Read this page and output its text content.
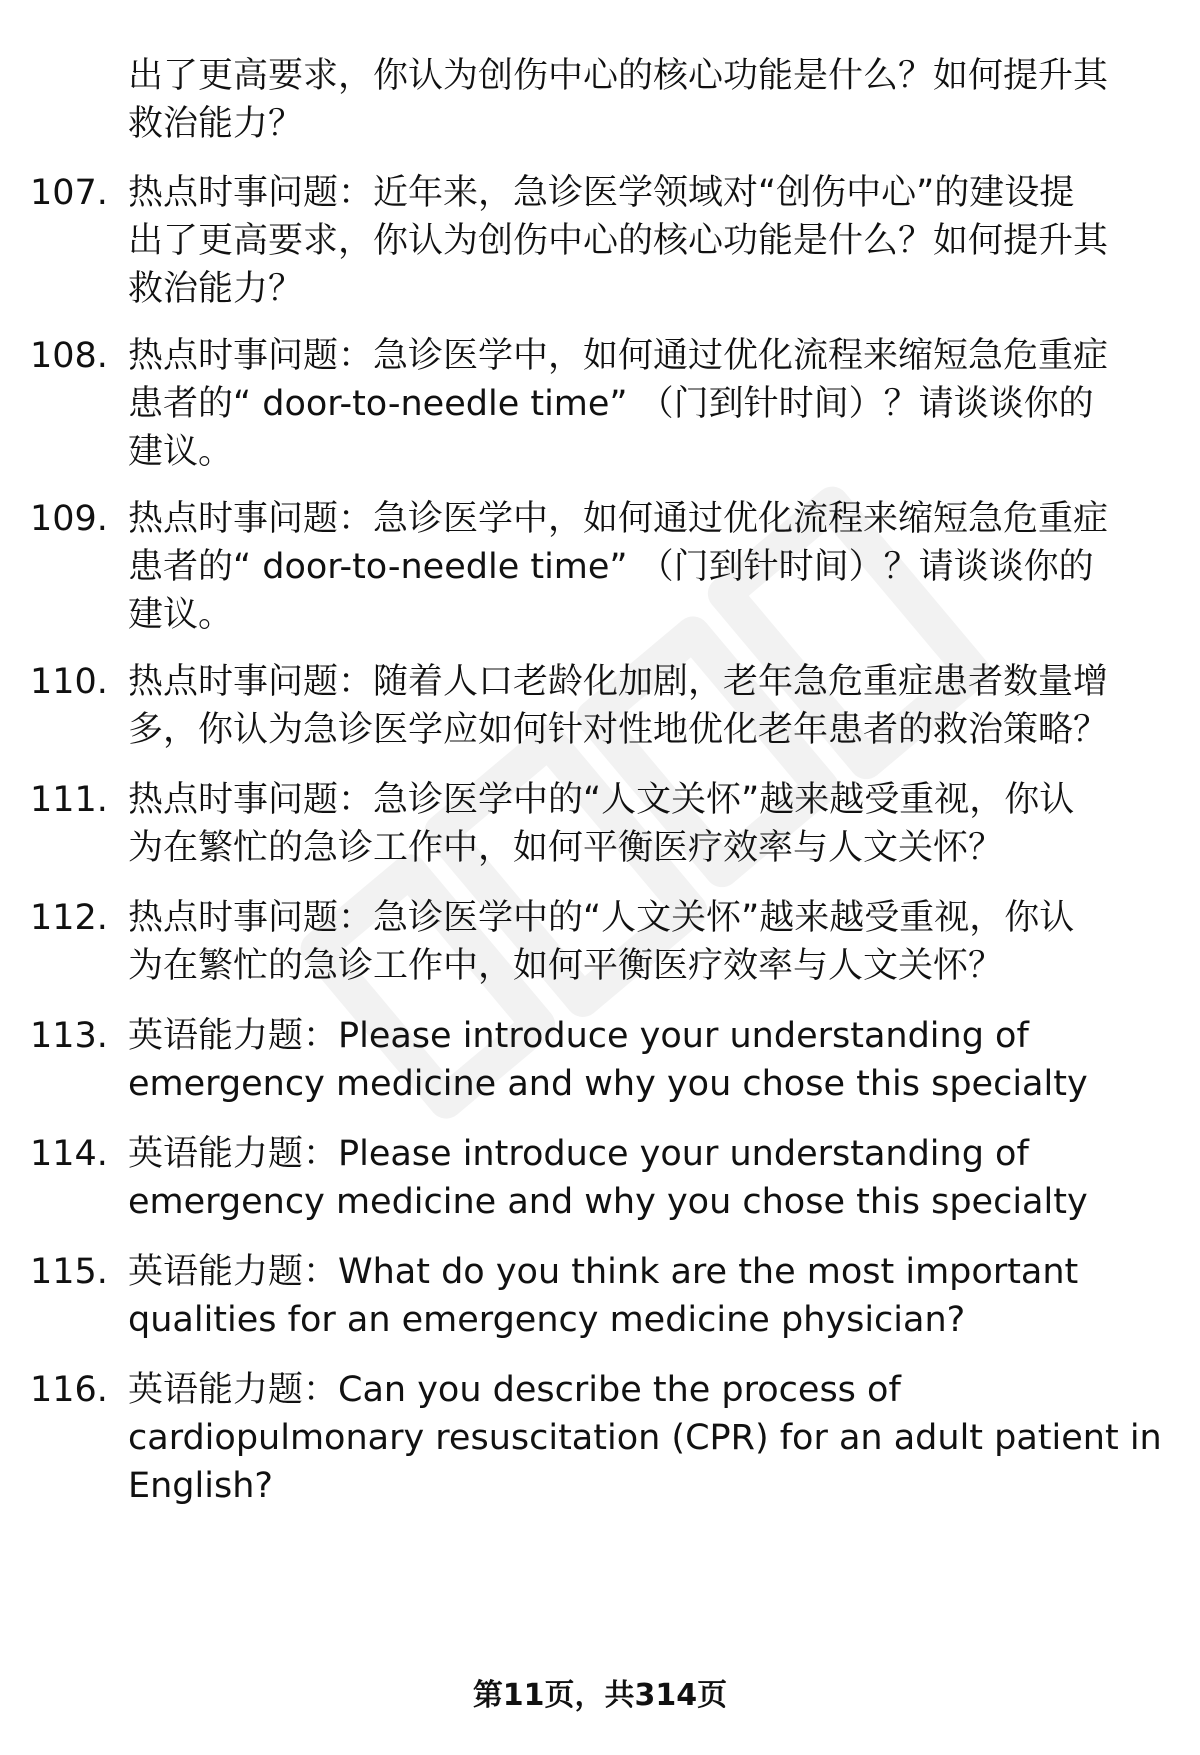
出了更高要求，你认为创伤中心的核心功能是什么？如何提升其
救治能力？
107. 热点时事问题：近年来，急诊医学领域对“创伤中心”的建设提
出了更高要求，你认为创伤中心的核心功能是什么？如何提升其
救治能力？
108. 热点时事问题：急诊医学中，如何通过优化流程来缩短急危重症
患者的“ door-to-needle time” （门到针时间）？请谈谈你的
建议。
109. 热点时事问题：急诊医学中，如何通过优化流程来缩短急危重症
患者的“ door-to-needle time” （门到针时间）？请谈谈你的
建议。
110. 热点时事问题：随着人口老龄化加剧，老年急危重症患者数量增
多，你认为急诊医学应如何针对性地优化老年患者的救治策略？
111. 热点时事问题：急诊医学中的“人文关怀”越来越受重视，你认
为在繁忙的急诊工作中，如何平衡医疗效率与人文关怀？
112. 热点时事问题：急诊医学中的“人文关怀”越来越受重视，你认
为在繁忙的急诊工作中，如何平衡医疗效率与人文关怀？
113. 英语能力题：Please introduce your understanding of
emergency medicine and why you chose this specialty
114. 英语能力题：Please introduce your understanding of
emergency medicine and why you chose this specialty
115. 英语能力题：What do you think are the most important
qualities for an emergency medicine physician?
116. 英语能力题：Can you describe the process of
cardiopulmonary resuscitation (CPR) for an adult patient in
English?
第11页，共314页
